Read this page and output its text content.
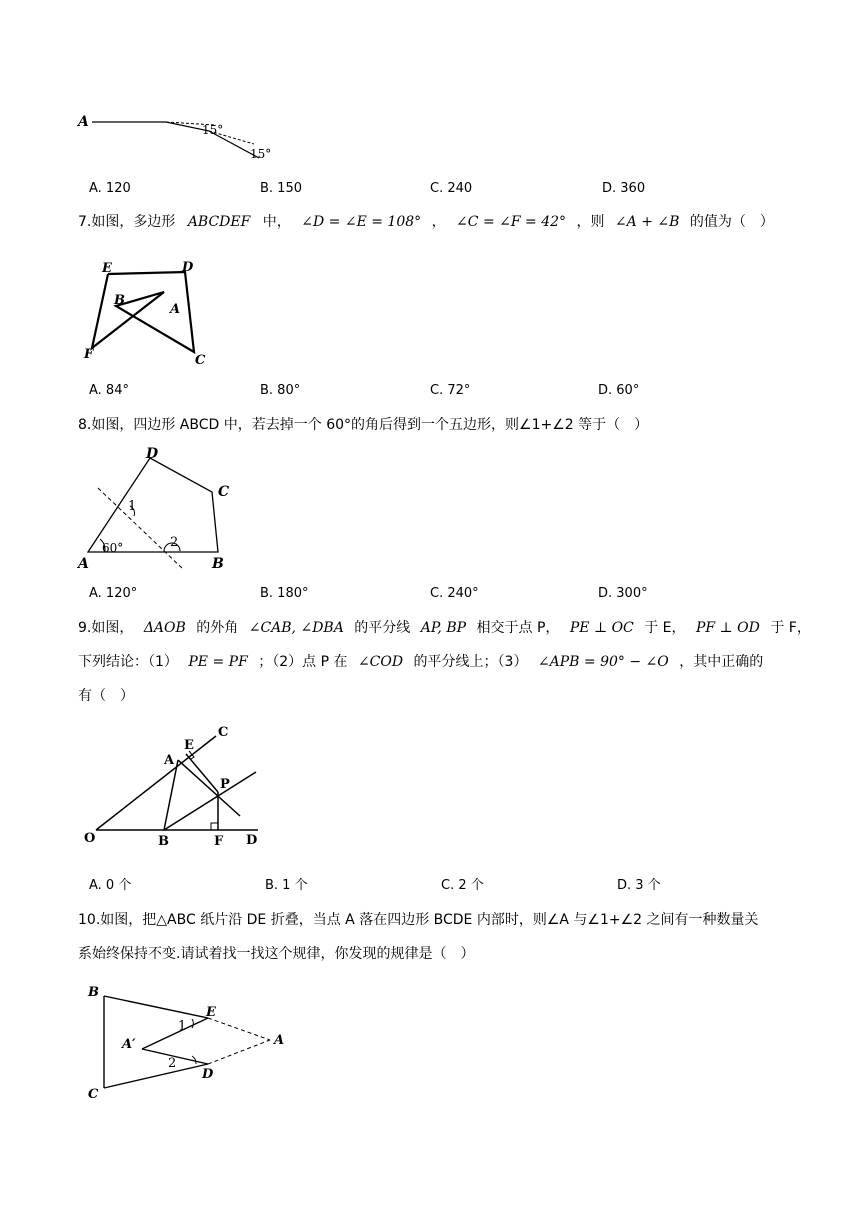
A	15°
15°
A. 120	B. 150	C. 240	D. 360
7.如图，多边形 ABCDEF 中， ∠D = ∠E = 108° ， ∠C = ∠F = 42° ，则 ∠A + ∠B 的值为（　）
E	D
B
A
F	C
A. 84°	B. 80°	C. 72°	D. 60°
8.如图，四边形 ABCD 中，若去掉一个 60°的角后得到一个五边形，则∠1+∠2 等于（　）
D
C
A	B
1
2
60°
A. 120°	B. 180°	C. 240°	D. 300°
9.如图， ΔAOB 的外角 ∠CAB, ∠DBA 的平分线 AP, BP 相交于点 P， PE ⊥ OC 于 E， PF ⊥ OD 于 F，
下列结论：（1） PE = PF ；（2）点 P 在 ∠COD 的平分线上；（3） ∠APB = 90° − ∠O ，其中正确的
有（　）
C
E
A
P
O	B	F D
A. 0 个	B. 1 个	C. 2 个	D. 3 个
10.如图，把△ABC 纸片沿 DE 折叠，当点 A 落在四边形 BCDE 内部时，则∠A 与∠1+∠2 之间有一种数量关
系始终保持不变.请试着找一找这个规律，你发现的规律是（　）
B
E
1
A′	A
2
D
C
